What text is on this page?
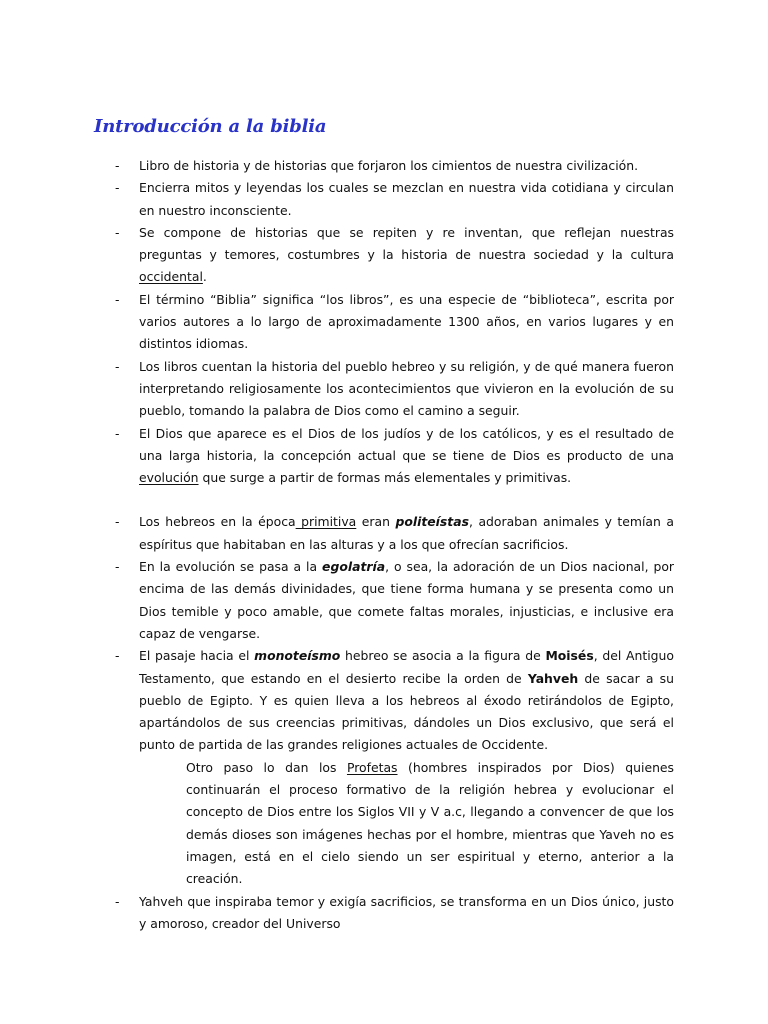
Introducción a la biblia
- Libro de historia y de historias que forjaron los cimientos de nuestra civilización.
- Encierra mitos y leyendas los cuales se mezclan en nuestra vida cotidiana y circulan en nuestro inconsciente.
- Se compone de historias que se repiten y re inventan, que reflejan nuestras preguntas y temores, costumbres y la historia de nuestra sociedad y la cultura occidental.
- El término “Biblia” significa “los libros”, es una especie de “biblioteca”, escrita por varios autores a lo largo de aproximadamente 1300 años, en varios lugares y en distintos idiomas.
- Los libros cuentan la historia del pueblo hebreo y su religión, y de qué manera fueron interpretando religiosamente los acontecimientos que vivieron en la evolución de su pueblo, tomando la palabra de Dios como el camino a seguir.
- El Dios que aparece es el Dios de los judíos y de los católicos, y es el resultado de una larga historia, la concepción actual que se tiene de Dios es producto de una evolución que surge a partir de formas más elementales y primitivas.
- Los hebreos en la época primitiva eran politeístas, adoraban animales y temían a espíritus que habitaban en las alturas y a los que ofrecían sacrificios.
- En la evolución se pasa a la egolatría, o sea, la adoración de un Dios nacional, por encima de las demás divinidades, que tiene forma humana y se presenta como un Dios temible y poco amable, que comete faltas morales, injusticias, e inclusive era capaz de vengarse.
- El pasaje hacia el monoteísmo hebreo se asocia a la figura de Moisés, del Antiguo Testamento, que estando en el desierto recibe la orden de Yahveh de sacar a su pueblo de Egipto. Y es quien lleva a los hebreos al éxodo retirándolos de Egipto, apartándolos de sus creencias primitivas, dándoles un Dios exclusivo, que será el punto de partida de las grandes religiones actuales de Occidente.
Otro paso lo dan los Profetas (hombres inspirados por Dios) quienes continuarán el proceso formativo de la religión hebrea y evolucionar el concepto de Dios entre los Siglos VII y V a.c, llegando a convencer de que los demás dioses son imágenes hechas por el hombre, mientras que Yaveh no es imagen, está en el cielo siendo un ser espiritual y eterno, anterior a la creación.
- Yahveh que inspiraba temor y exigía sacrificios, se transforma en un Dios único, justo y amoroso, creador del Universo
